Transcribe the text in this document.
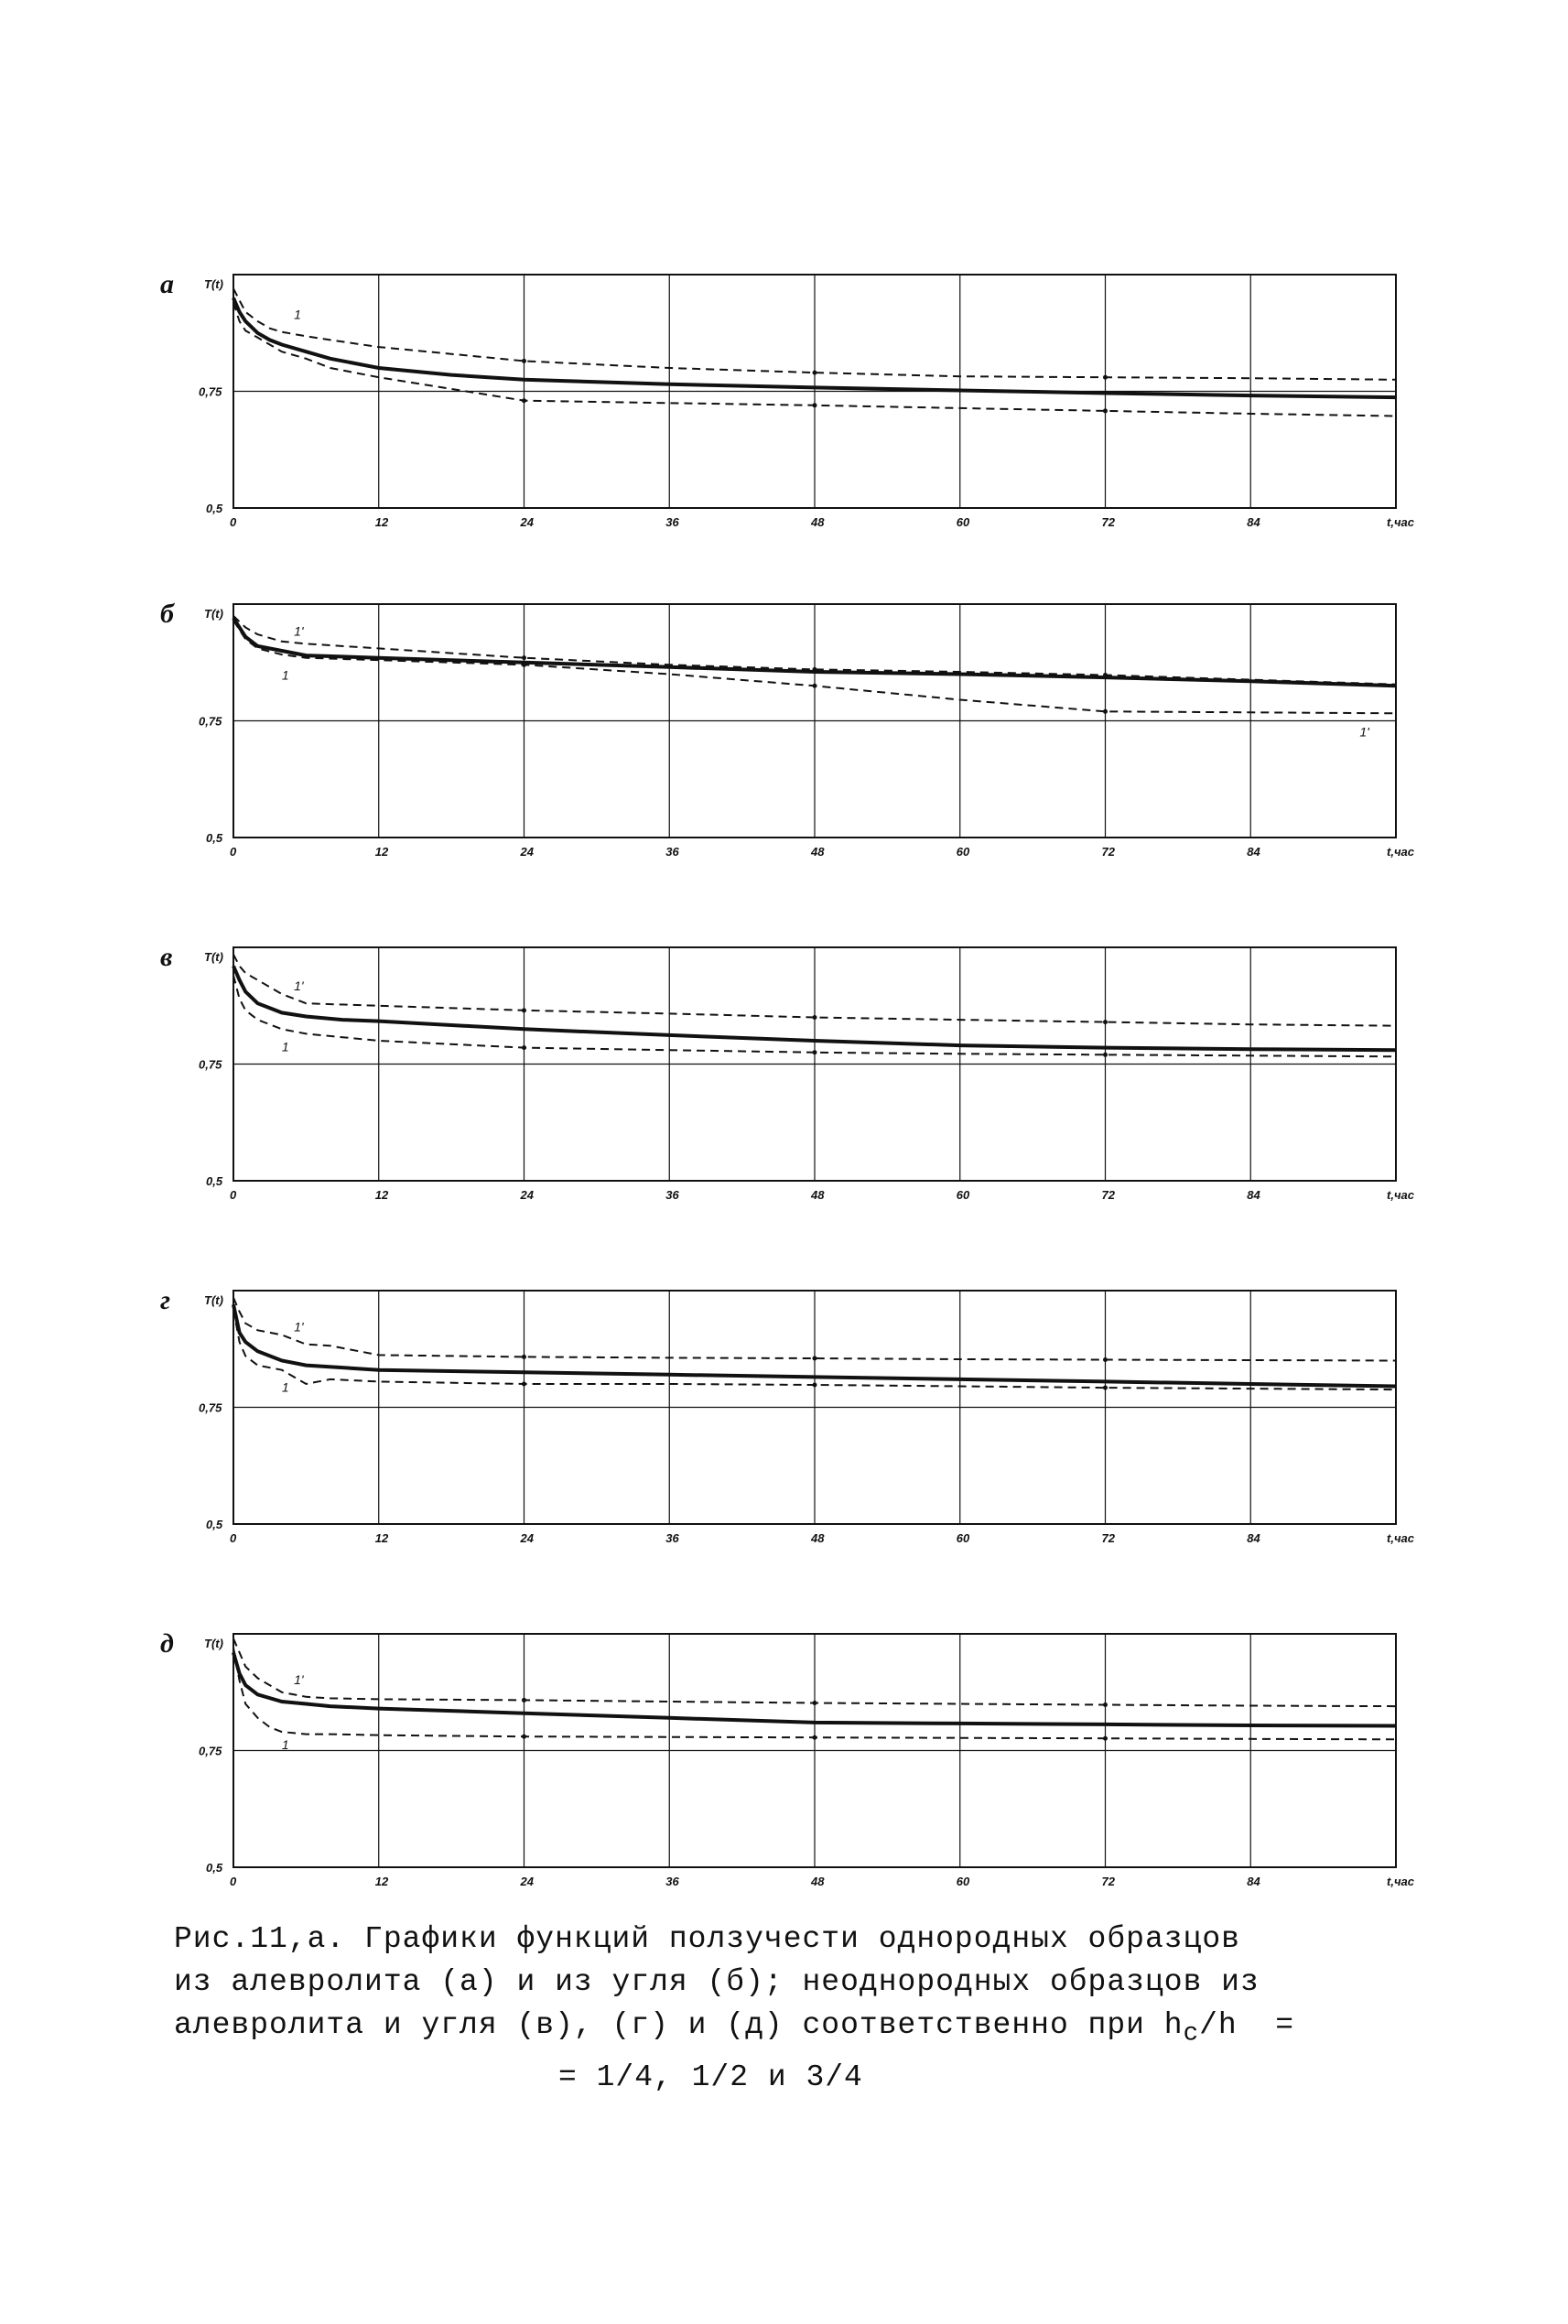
a
0	12	24	36	48	60	72	84	t,час
T(t)
0,75
0,5
1
б
0	12	24	36	48	60	72	84	t,час
T(t)
0,75
0,5
1'
1
1'
в
0	12	24	36	48	60	72	84	t,час
T(t)
0,75
0,5
1'
1
г
0	12	24	36	48	60	72	84	t,час
T(t)
0,75
0,5
1'
1
д
0	12	24	36	48	60	72	84	t,час
T(t)
0,75
0,5
1'
1
Рис.11,а. Графики функций ползучести однородных образцов
из алевролита (а) и из угля (б); неоднородных образцов из
алевролита и угля (в), (г) и (д) соответственно при $h_c/h$  =
= 1/4, 1/2 и 3/4
